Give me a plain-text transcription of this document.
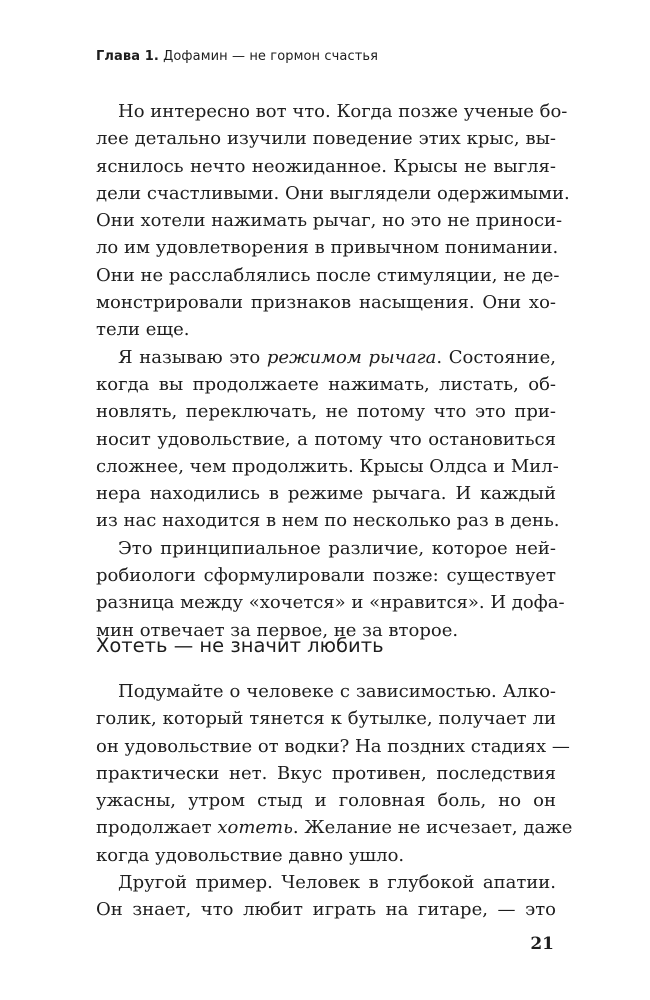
Глава 1. Дофамин — не гормон счастья

Но интересно вот что. Когда позже ученые бо-
лее детально изучили поведение этих крыс, вы-
яснилось нечто неожиданное. Крысы не выгля-
дели счастливыми. Они выглядели одержимыми.
Они хотели нажимать рычаг, но это не приноси-
ло им удовлетворения в привычном понимании.
Они не расслаблялись после стимуляции, не де-
монстрировали признаков насыщения. Они хо-
тели еще.

Я называю это режимом рычага. Состояние,
когда вы продолжаете нажимать, листать, об-
новлять, переключать, не потому что это при-
носит удовольствие, а потому что остановиться
сложнее, чем продолжить. Крысы Олдса и Мил-
нера находились в режиме рычага. И каждый
из нас находится в нем по несколько раз в день.

Это принципиальное различие, которое ней-
робиологи сформулировали позже: существует
разница между «хочется» и «нравится». И дофа-
мин отвечает за первое, не за второе.

Хотеть — не значит любить

Подумайте о человеке с зависимостью. Алко-
голик, который тянется к бутылке, получает ли
он удовольствие от водки? На поздних стадиях —
практически нет. Вкус противен, последствия
ужасны, утром стыд и головная боль, но он
продолжает хотеть. Желание не исчезает, даже
когда удовольствие давно ушло.

Другой пример. Человек в глубокой апатии.
Он знает, что любит играть на гитаре, — это

21
